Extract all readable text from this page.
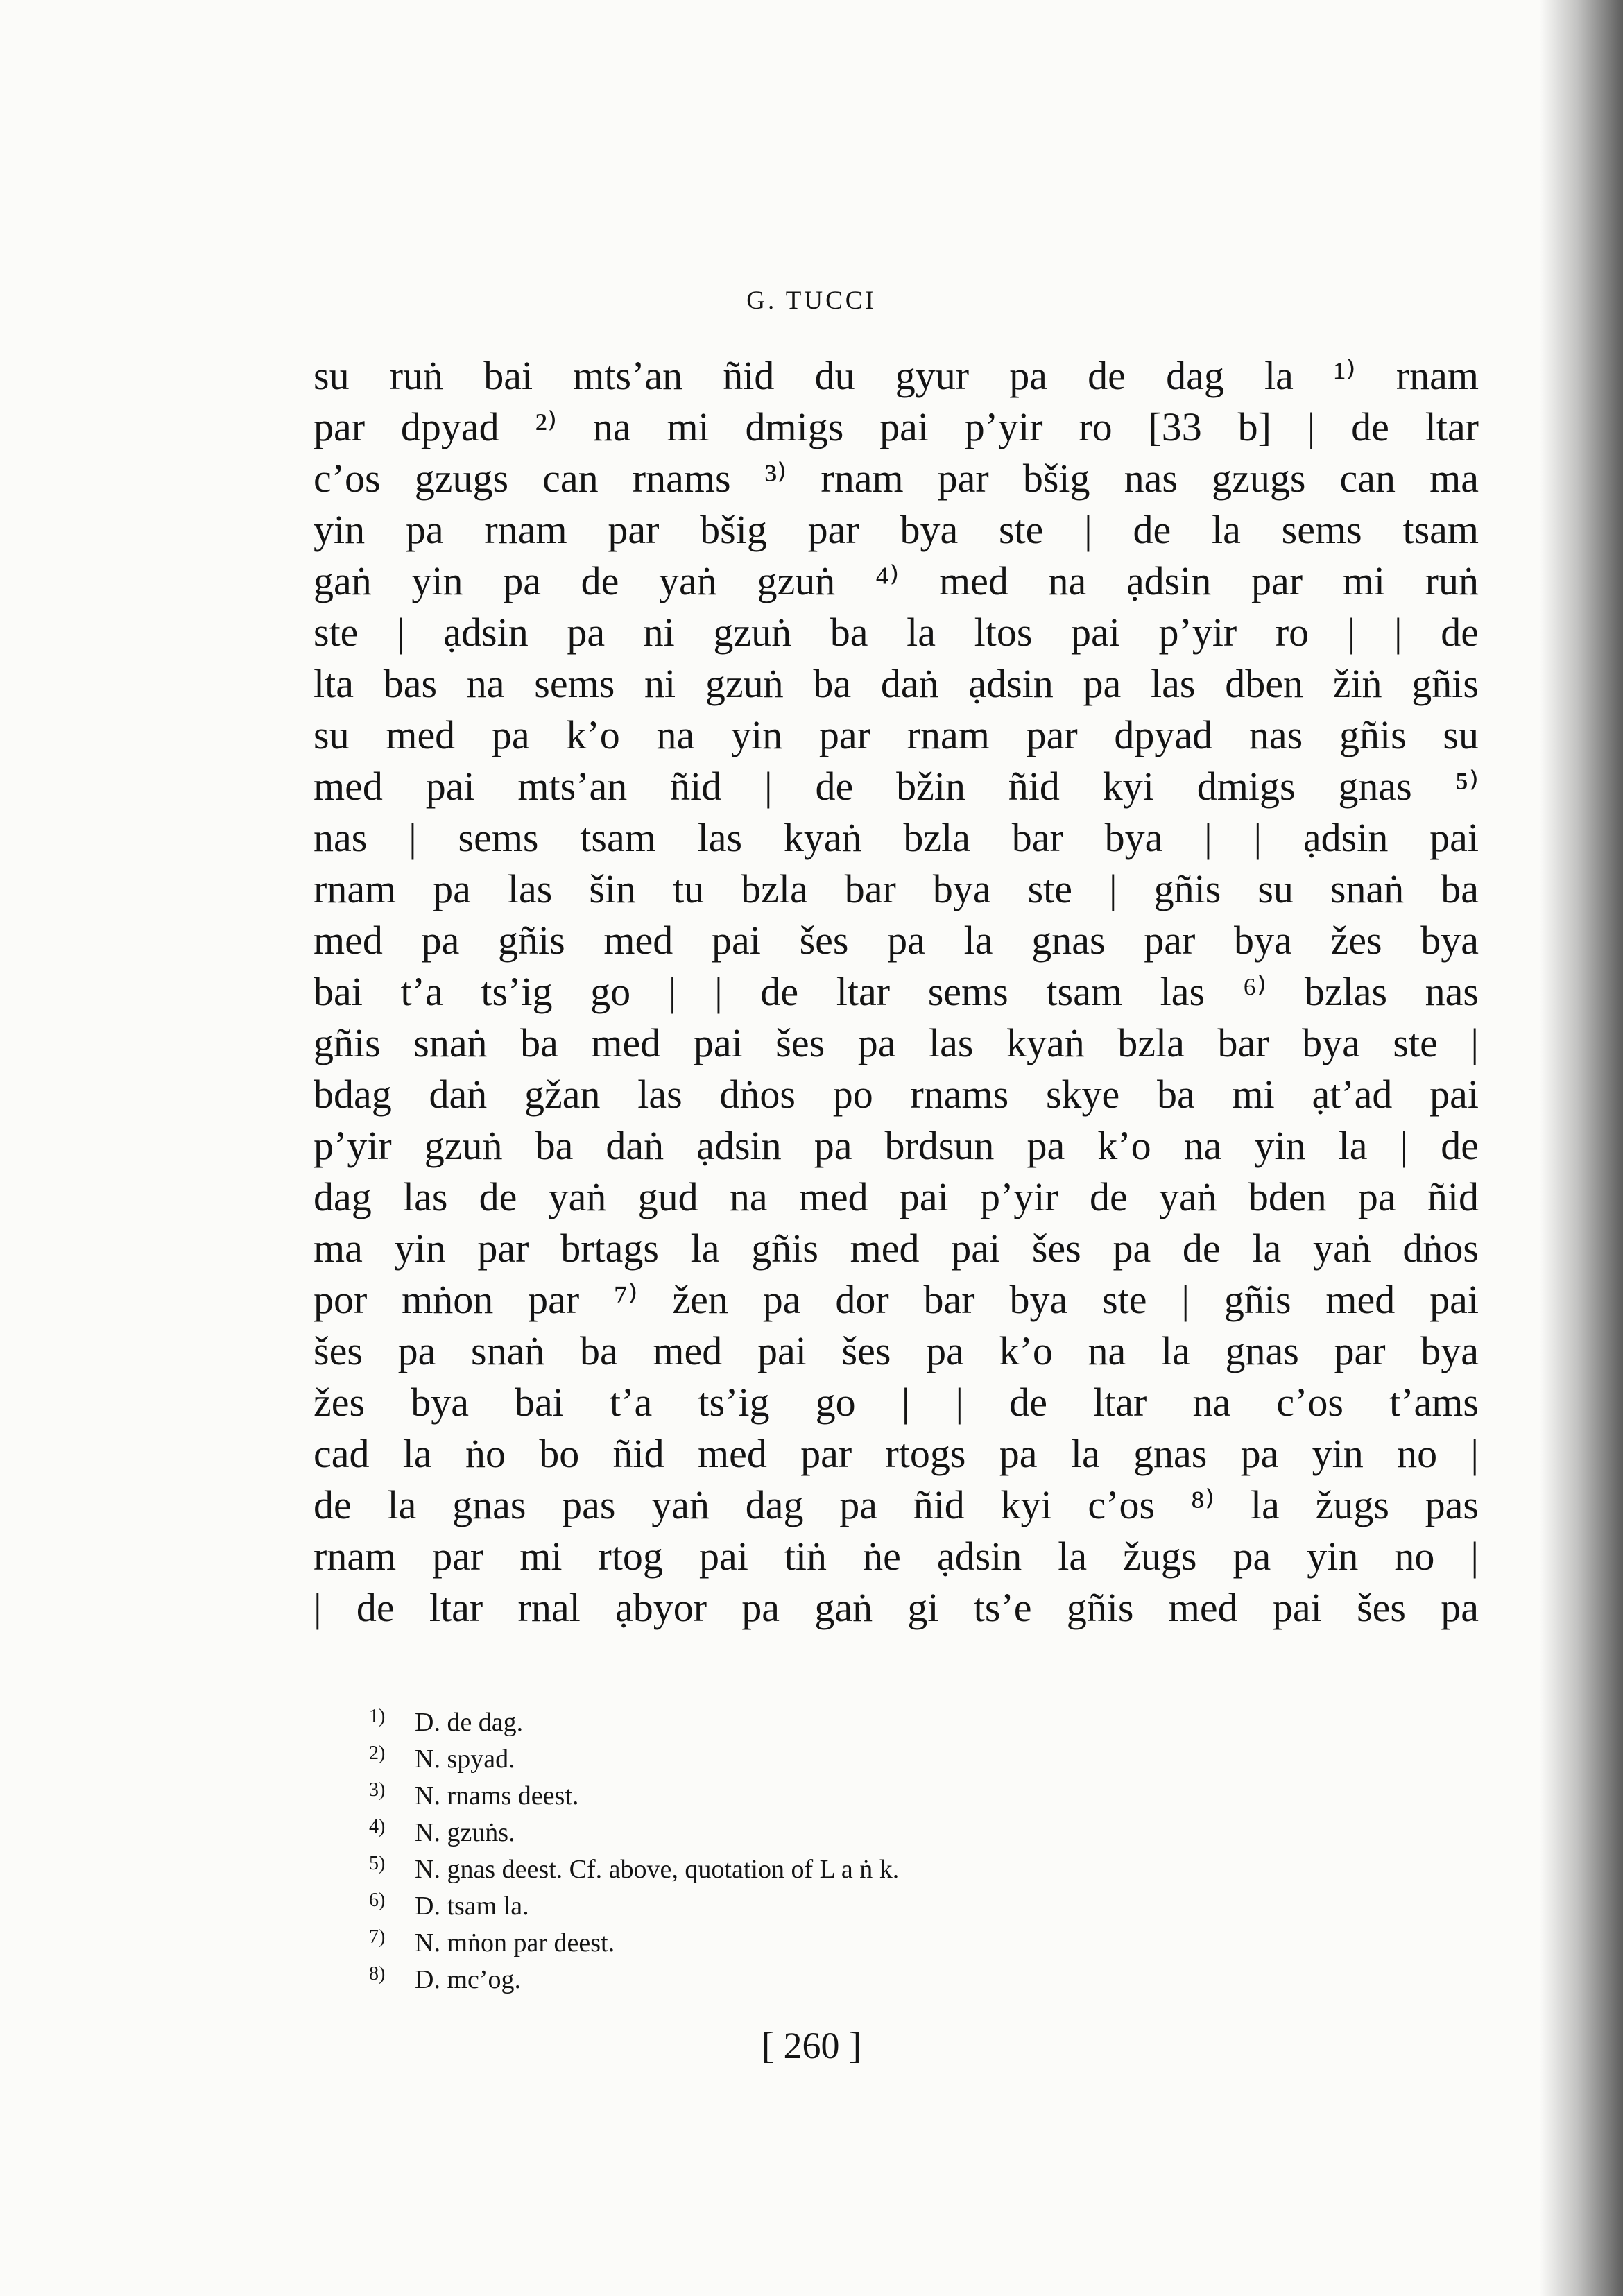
G. TUCCI
su ruṅ bai mts’an ñid du gyur pa de dag la ¹⁾ rnam
par dpyad ²⁾ na mi dmigs pai p’yir ro [33 b] | de ltar
c’os gzugs can rnams ³⁾ rnam par bšig nas gzugs can ma
yin pa rnam par bšig par bya ste | de la sems tsam
gaṅ yin pa de yaṅ gzuṅ ⁴⁾ med na ạdsin par mi ruṅ
ste | ạdsin pa ni gzuṅ ba la ltos pai p’yir ro | | de
lta bas na sems ni gzuṅ ba daṅ ạdsin pa las dben žiṅ gñis
su med pa k’o na yin par rnam par dpyad nas gñis su
med pai mts’an ñid | de bžin ñid kyi dmigs gnas ⁵⁾
nas | sems tsam las kyaṅ bzla bar bya | | ạdsin pai
rnam pa las šin tu bzla bar bya ste | gñis su snaṅ ba
med pa gñis med pai šes pa la gnas par bya žes bya
bai t’a ts’ig go | | de ltar sems tsam las ⁶⁾ bzlas nas
gñis snaṅ ba med pai šes pa las kyaṅ bzla bar bya ste |
bdag daṅ gžan las dṅos po rnams skye ba mi ạt’ad pai
p’yir gzuṅ ba daṅ ạdsin pa brdsun pa k’o na yin la | de
dag las de yaṅ gud na med pai p’yir de yaṅ bden pa ñid
ma yin par brtags la gñis med pai šes pa de la yaṅ dṅos
por mṅon par ⁷⁾ žen pa dor bar bya ste | gñis med pai
šes pa snaṅ ba med pai šes pa k’o na la gnas par bya
žes bya bai t’a ts’ig go | | de ltar na c’os t’ams
cad la ṅo bo ñid med par rtogs pa la gnas pa yin no |
de la gnas pas yaṅ dag pa ñid kyi c’os ⁸⁾ la žugs pas
rnam par mi rtog pai tiṅ ṅe ạdsin la žugs pa yin no |
| de ltar rnal ạbyor pa gaṅ gi ts’e gñis med pai šes pa
1) D. de dag.
2) N. spyad.
3) N. rnams deest.
4) N. gzuṅs.
5) N. gnas deest. Cf. above, quotation of L a ṅ k.
6) D. tsam la.
7) N. mṅon par deest.
8) D. mc’og.
[ 260 ]
